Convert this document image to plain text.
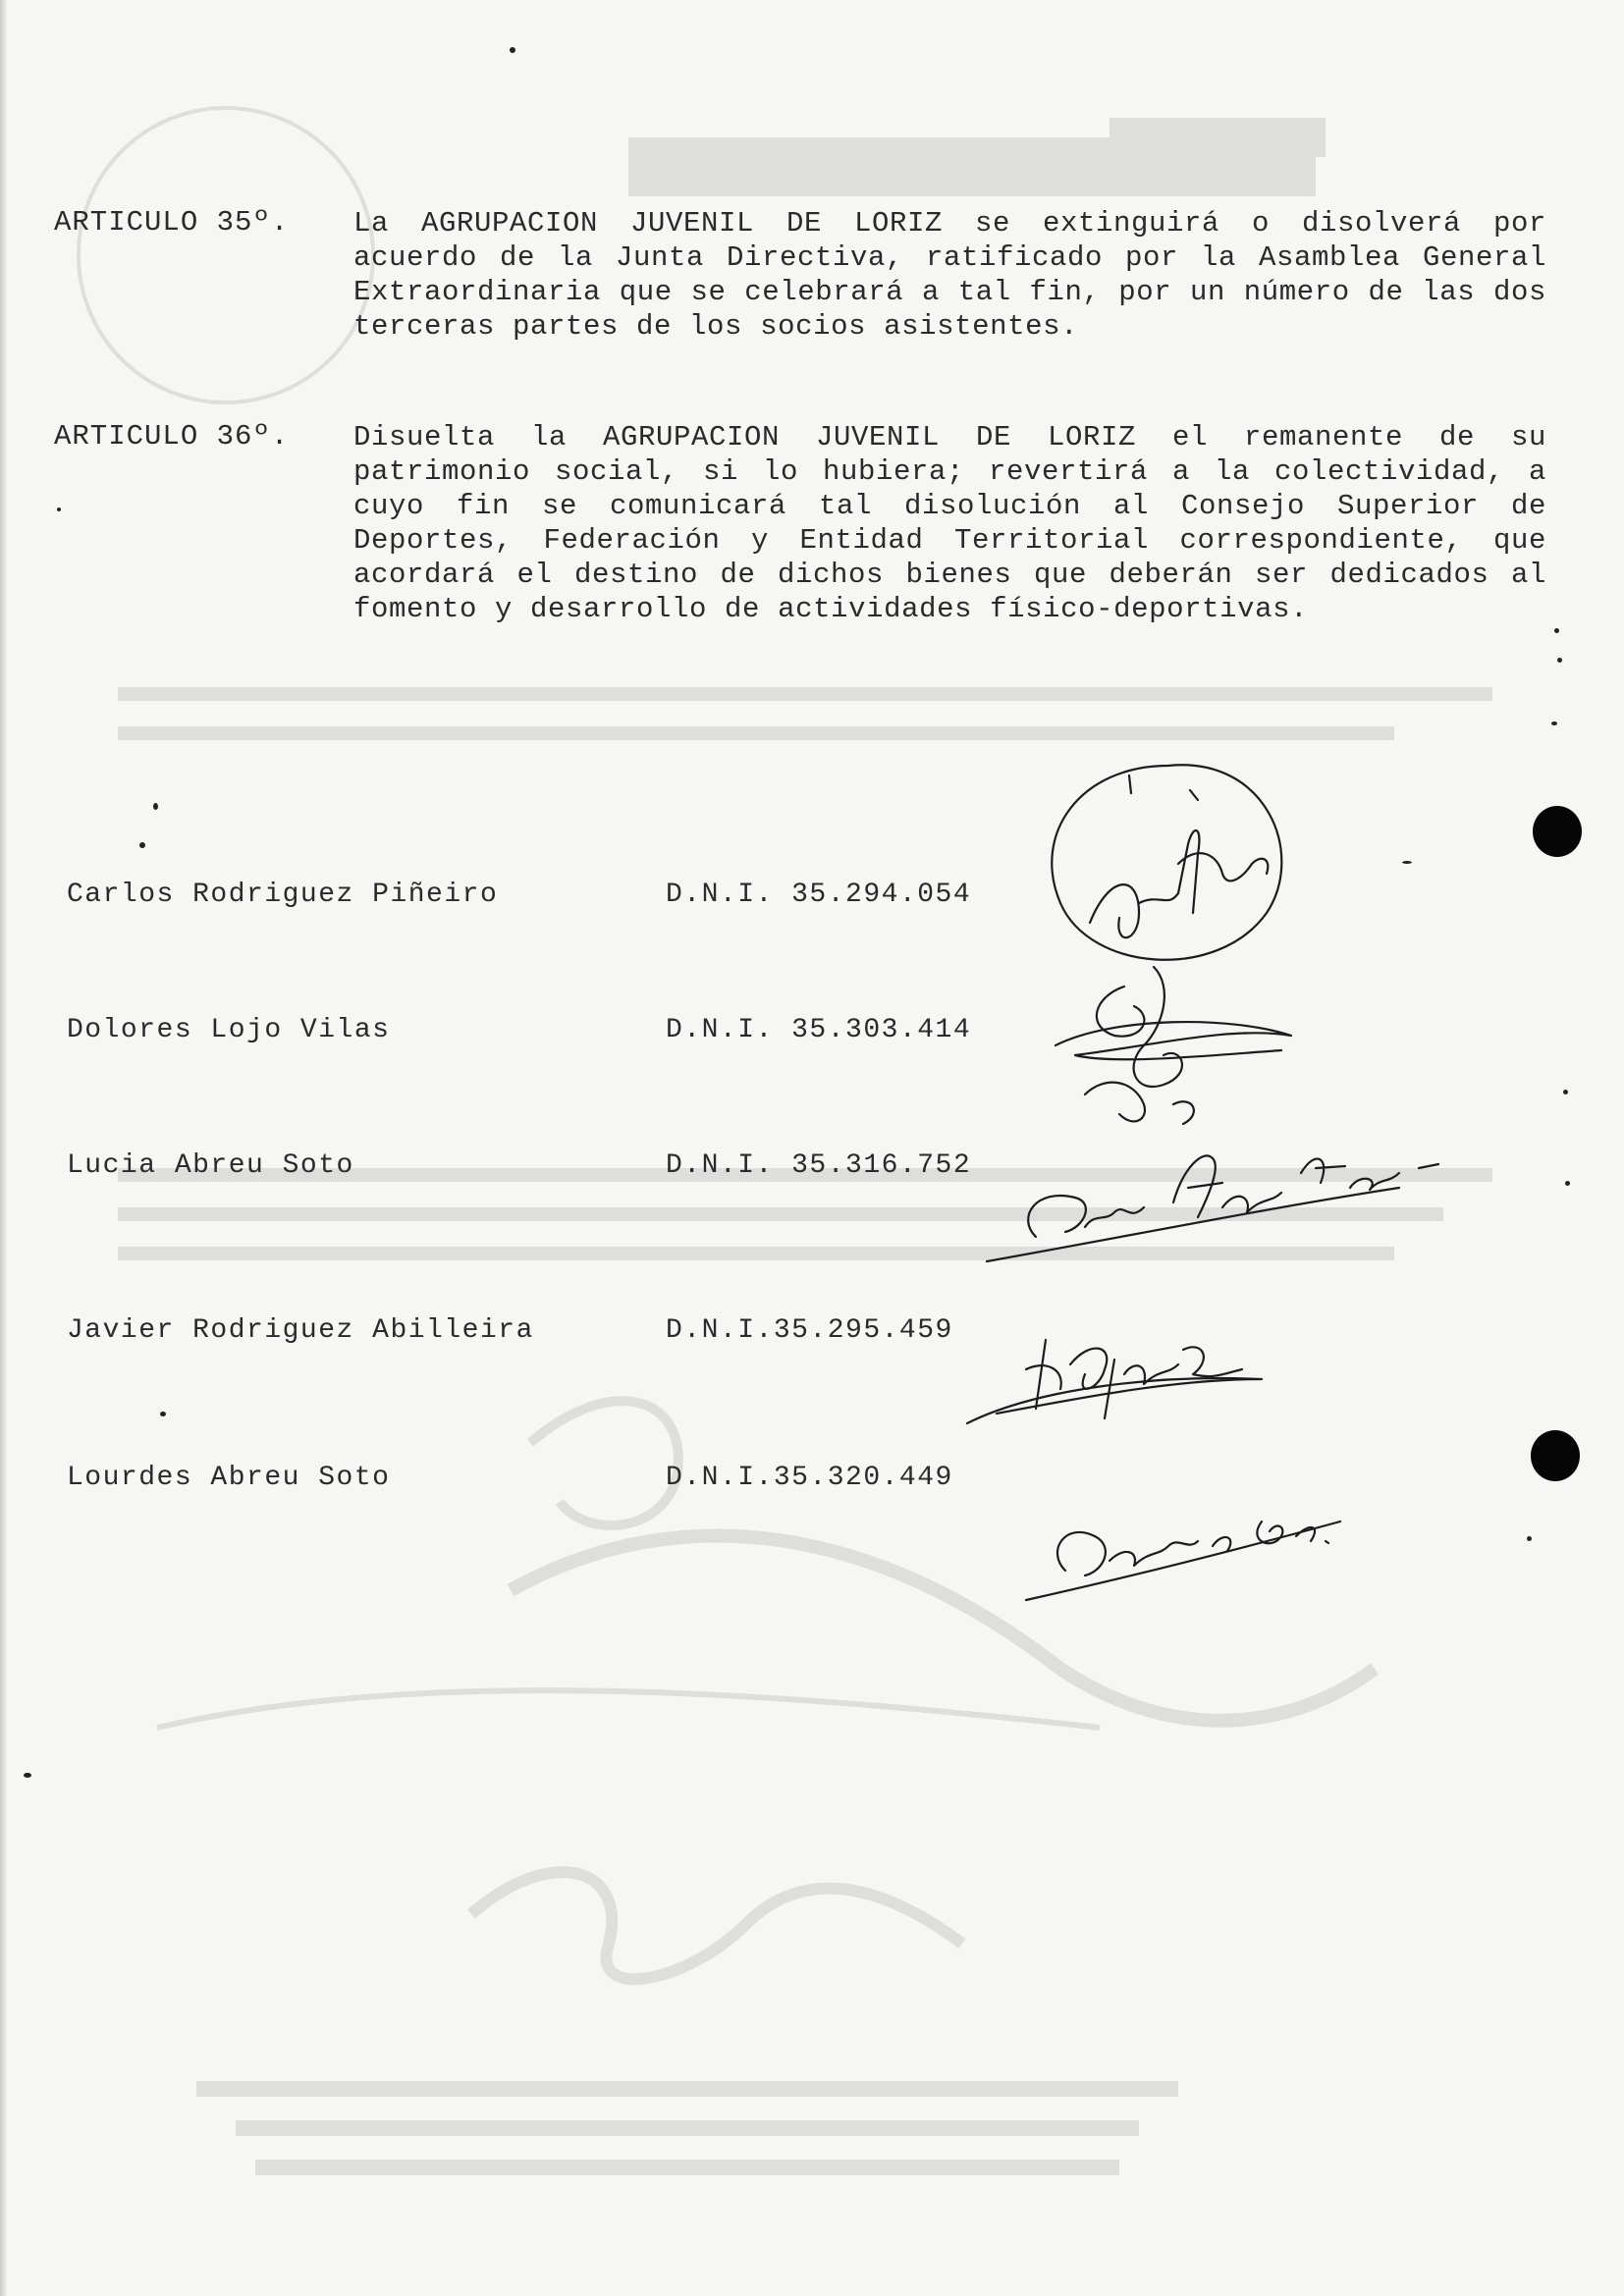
ARTICULO 35º. La AGRUPACION JUVENIL DE LORIZ se extinguirá o disolverá por acuerdo de la Junta Directiva, ratificado por la Asamblea General Extraordinaria que se celebrará a tal fin, por un número de las dos terceras partes de los socios asistentes.
ARTICULO 36º. Disuelta la AGRUPACION JUVENIL DE LORIZ el remanente de su patrimonio social, si lo hubiera; revertirá a la colectividad, a cuyo fin se comunicará tal disolución al Consejo Superior de Deportes, Federación y Entidad Territorial correspondiente, que acordará el destino de dichos bienes que deberán ser dedicados al fomento y desarrollo de actividades físico-deportivas.
Carlos Rodriguez Piñeiro	D.N.I. 35.294.054
Dolores Lojo Vilas	D.N.I. 35.303.414
Lucia Abreu Soto	D.N.I. 35.316.752
Javier Rodriguez Abilleira	D.N.I.35.295.459
Lourdes Abreu Soto	D.N.I.35.320.449
